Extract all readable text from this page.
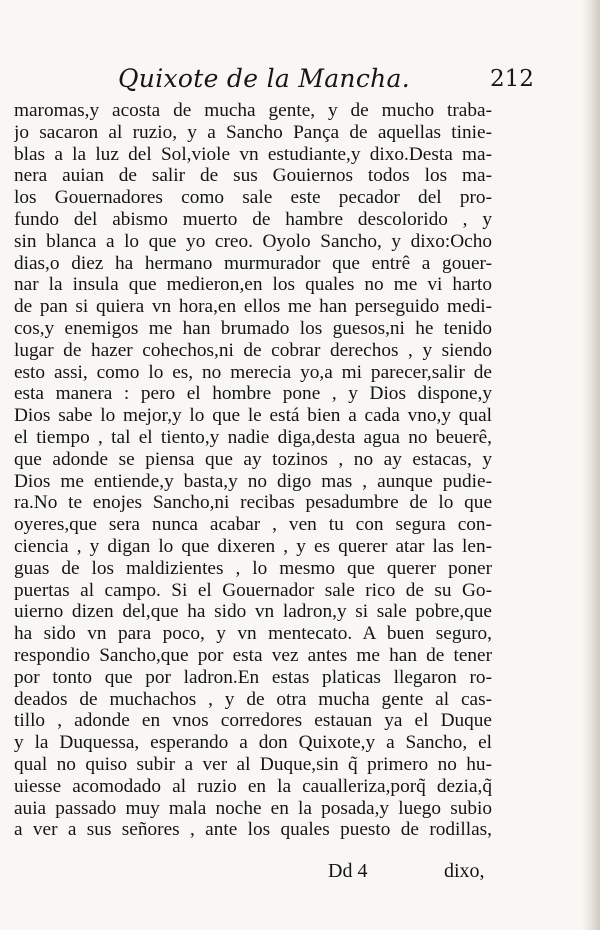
Quixote de la Mancha.	212
maromas,y acosta de mucha gente, y de mucho traba-
jo sacaron al ruzio, y a Sancho Pança de aquellas tinie-
blas a la luz del Sol,viole vn estudiante,y dixo.Desta ma-
nera auian de salir de sus Gouiernos todos los ma-
los Gouernadores como sale este pecador del pro-
fundo del abismo muerto de hambre descolorido , y
sin blanca a lo que yo creo. Oyolo Sancho, y dixo:Ocho
dias,o diez ha hermano murmurador que entrê a gouer-
nar la insula que medieron,en los quales no me vi harto
de pan si quiera vn hora,en ellos me han perseguido medi-
cos,y enemigos me han brumado los guesos,ni he tenido
lugar de hazer cohechos,ni de cobrar derechos , y siendo
esto assi, como lo es, no merecia yo,a mi parecer,salir de
esta manera : pero el hombre pone , y Dios dispone,y
Dios sabe lo mejor,y lo que le está bien a cada vno,y qual
el tiempo , tal el tiento,y nadie diga,desta agua no beuerê,
que adonde se piensa que ay tozinos , no ay estacas, y
Dios me entiende,y basta,y no digo mas , aunque pudie-
ra.No te enojes Sancho,ni recibas pesadumbre de lo que
oyeres,que sera nunca acabar , ven tu con segura con-
ciencia , y digan lo que dixeren , y es querer atar las len-
guas de los maldizientes , lo mesmo que querer poner
puertas al campo. Si el Gouernador sale rico de su Go-
uierno dizen del,que ha sido vn ladron,y si sale pobre,que
ha sido vn para poco, y vn mentecato. A buen seguro,
respondio Sancho,que por esta vez antes me han de tener
por tonto que por ladron.En estas platicas llegaron ro-
deados de muchachos , y de otra mucha gente al cas-
tillo , adonde en vnos corredores estauan ya el Duque
y la Duquessa, esperando a don Quixote,y a Sancho, el
qual no quiso subir a ver al Duque,sin q̃ primero no hu-
uiesse acomodado al ruzio en la caualleriza,porq̃ dezia,q̃
auia passado muy mala noche en la posada,y luego subio
a ver a sus señores , ante los quales puesto de rodillas,
Dd 4	dixo,
